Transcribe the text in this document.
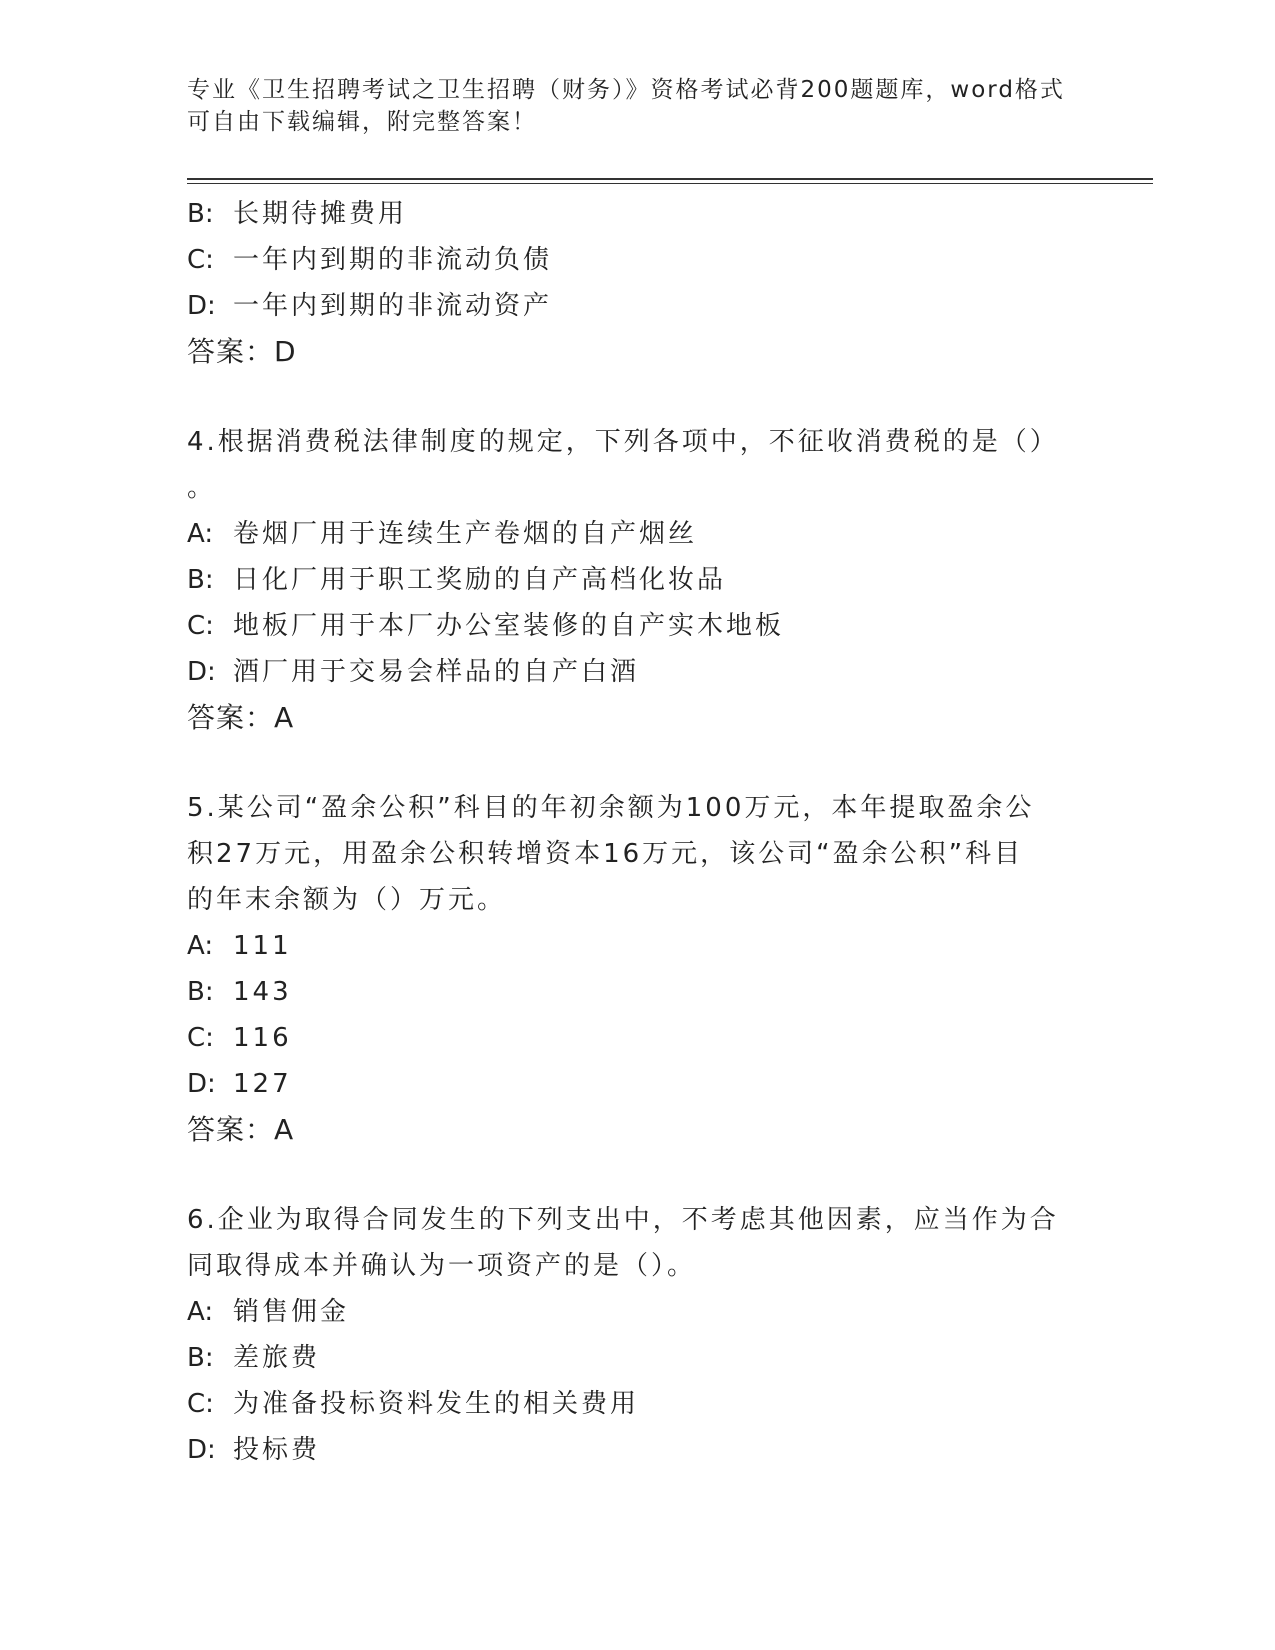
专业《卫生招聘考试之卫生招聘（财务）》资格考试必背200题题库，word格式
可自由下载编辑，附完整答案！
B: 长期待摊费用
C: 一年内到期的非流动负债
D: 一年内到期的非流动资产
答案：D
4.根据消费税法律制度的规定，下列各项中，不征收消费税的是（）
。
A: 卷烟厂用于连续生产卷烟的自产烟丝
B: 日化厂用于职工奖励的自产高档化妆品
C: 地板厂用于本厂办公室装修的自产实木地板
D: 酒厂用于交易会样品的自产白酒
答案：A
5.某公司“盈余公积”科目的年初余额为100万元，本年提取盈余公
积27万元，用盈余公积转增资本16万元，该公司“盈余公积”科目
的年末余额为（）万元。
A: 111
B: 143
C: 116
D: 127
答案：A
6.企业为取得合同发生的下列支出中，不考虑其他因素，应当作为合
同取得成本并确认为一项资产的是（）。
A: 销售佣金
B: 差旅费
C: 为准备投标资料发生的相关费用
D: 投标费
